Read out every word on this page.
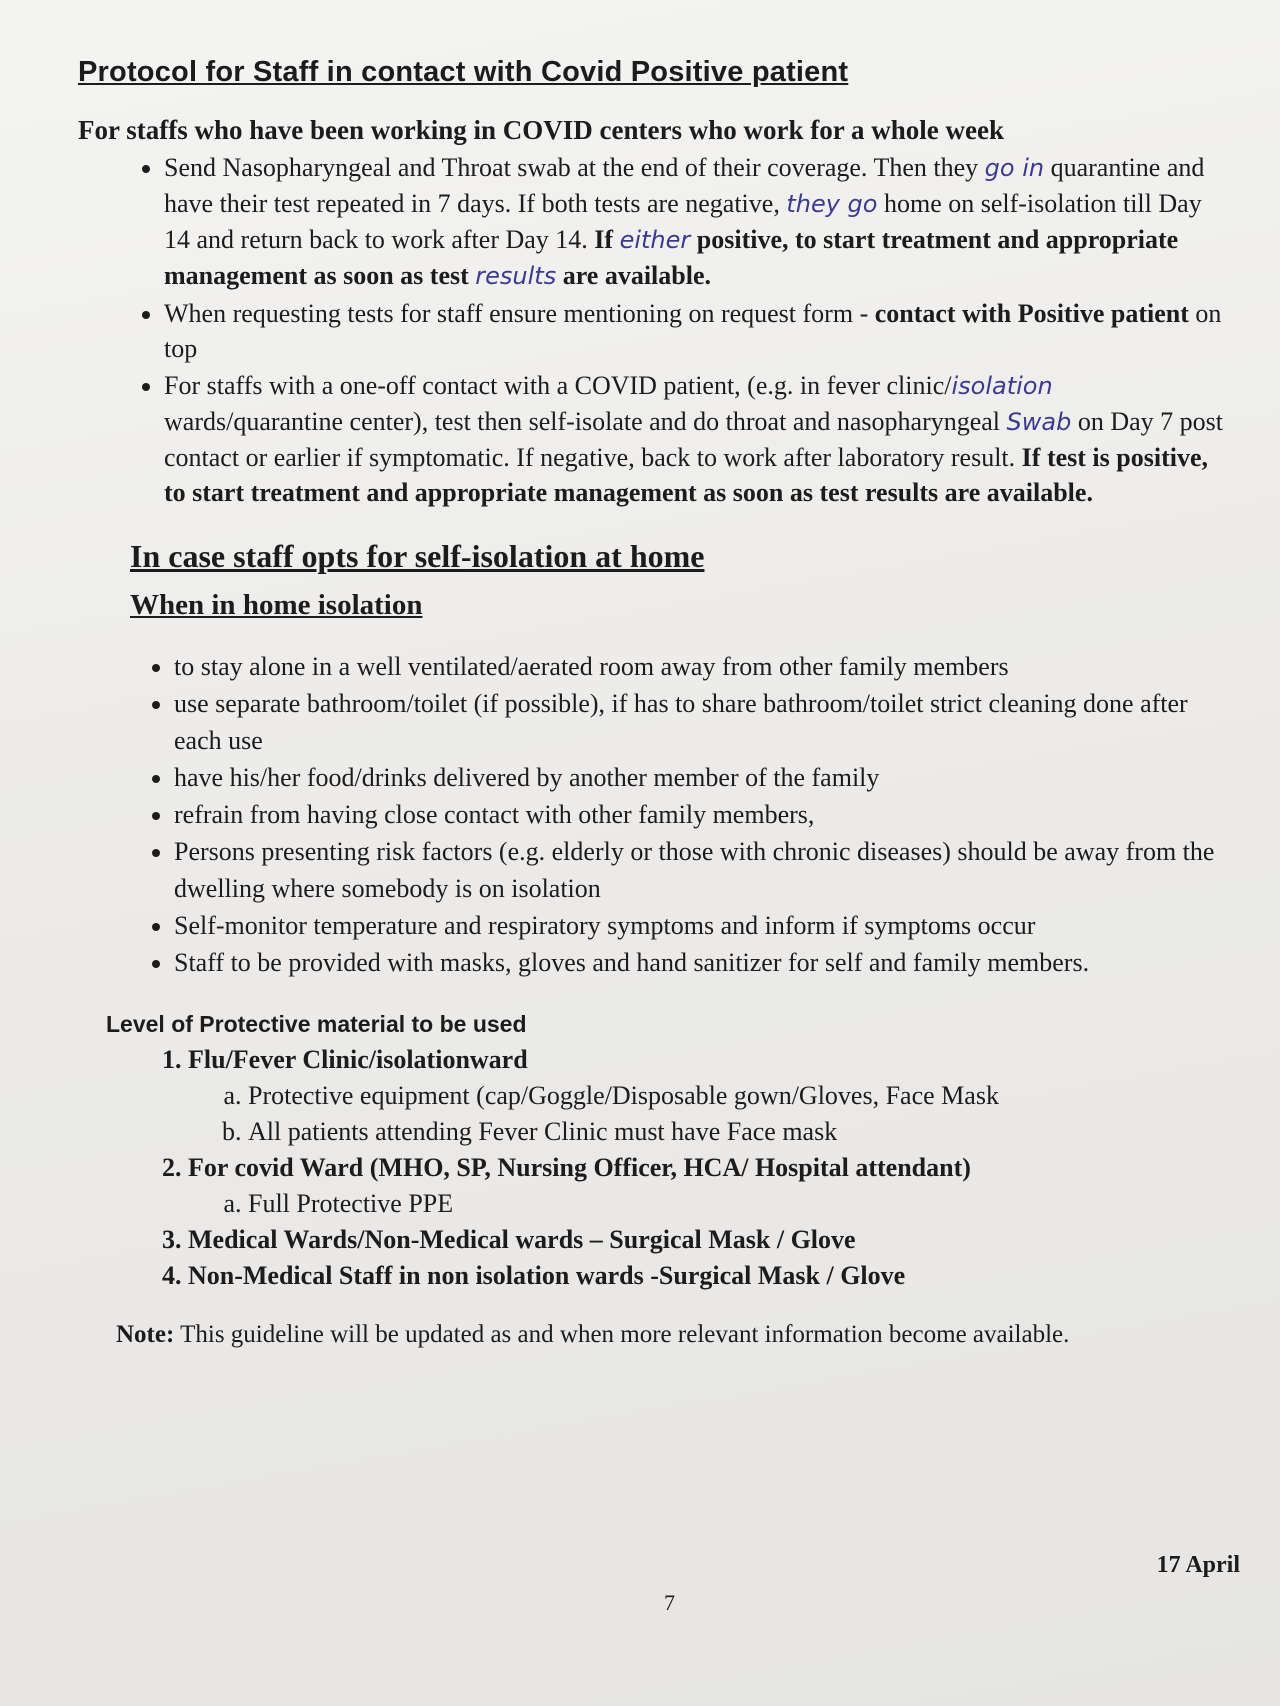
Protocol for Staff in contact with Covid Positive patient

For staffs who have been working in COVID centers who work for a whole week

• Send Nasopharyngeal and Throat swab at the end of their coverage. Then they go in quarantine and have their test repeated in 7 days. If both tests are negative, they go home on self-isolation till Day 14 and return back to work after Day 14. If either positive, to start treatment and appropriate management as soon as test results are available.
• When requesting tests for staff ensure mentioning on request form - contact with Positive patient on top
• For staffs with a one-off contact with a COVID patient, (e.g. in fever clinic/isolation wards/quarantine center), test then self-isolate and do throat and nasopharyngeal Swab on Day 7 post contact or earlier if symptomatic. If negative, back to work after laboratory result. If test is positive, to start treatment and appropriate management as soon as test results are available.
In case staff opts for self-isolation at home
When in home isolation
• to stay alone in a well ventilated/aerated room away from other family members
• use separate bathroom/toilet (if possible), if has to share bathroom/toilet strict cleaning done after each use
• have his/her food/drinks delivered by another member of the family
• refrain from having close contact with other family members,
• Persons presenting risk factors (e.g. elderly or those with chronic diseases) should be away from the dwelling where somebody is on isolation
• Self-monitor temperature and respiratory symptoms and inform if symptoms occur
• Staff to be provided with masks, gloves and hand sanitizer for self and family members.

Level of Protective material to be used

1. Flu/Fever Clinic/isolationward
a. Protective equipment (cap/Goggle/Disposable gown/Gloves, Face Mask
b. All patients attending Fever Clinic must have Face mask
2. For covid Ward (MHO, SP, Nursing Officer, HCA/ Hospital attendant)
a. Full Protective PPE
3. Medical Wards/Non-Medical wards – Surgical Mask / Glove
4. Non-Medical Staff in non isolation wards -Surgical Mask / Glove

Note: This guideline will be updated as and when more relevant information become available.

17 April
7
